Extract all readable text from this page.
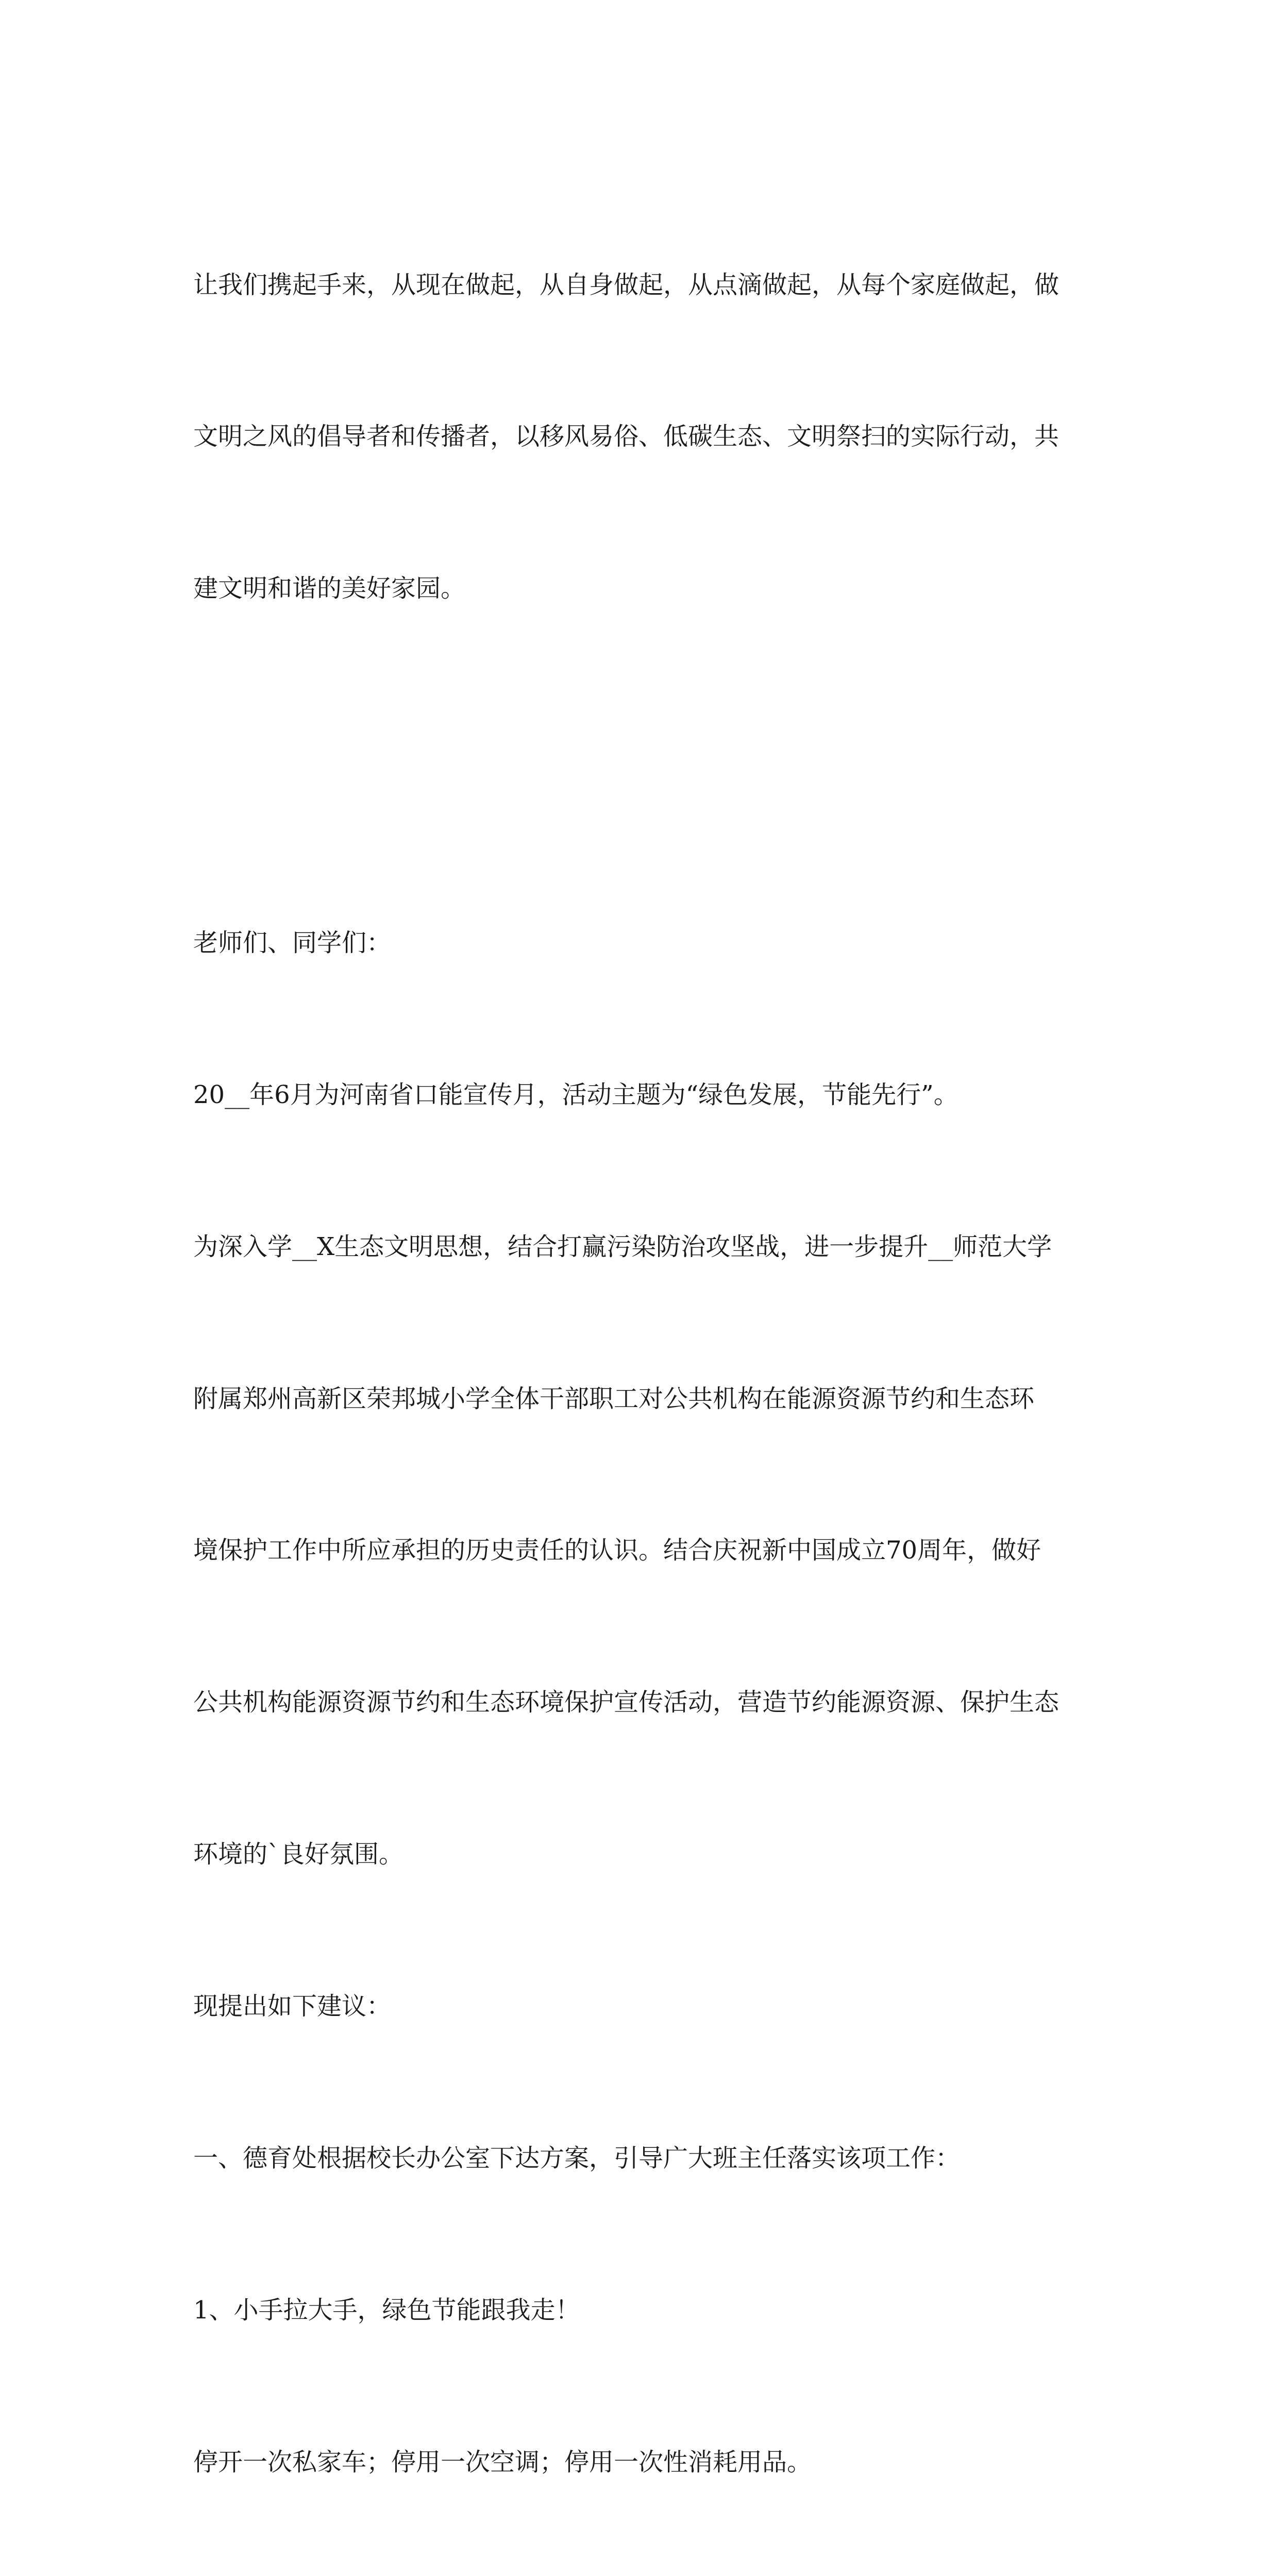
让我们携起手来，从现在做起，从自身做起，从点滴做起，从每个家庭做起，做

文明之风的倡导者和传播者，以移风易俗、低碳生态、文明祭扫的实际行动，共

建文明和谐的美好家园。

老师们、同学们：

20__年6月为河南省口能宣传月，活动主题为“绿色发展，节能先行”。

为深入学__X生态文明思想，结合打赢污染防治攻坚战，进一步提升__师范大学

附属郑州高新区荣邦城小学全体干部职工对公共机构在能源资源节约和生态环

境保护工作中所应承担的历史责任的认识。结合庆祝新中国成立70周年，做好

公共机构能源资源节约和生态环境保护宣传活动，营造节约能源资源、保护生态

环境的`良好氛围。

现提出如下建议：

一、德育处根据校长办公室下达方案，引导广大班主任落实该项工作：

1、小手拉大手，绿色节能跟我走！

停开一次私家车；停用一次空调；停用一次性消耗用品。
